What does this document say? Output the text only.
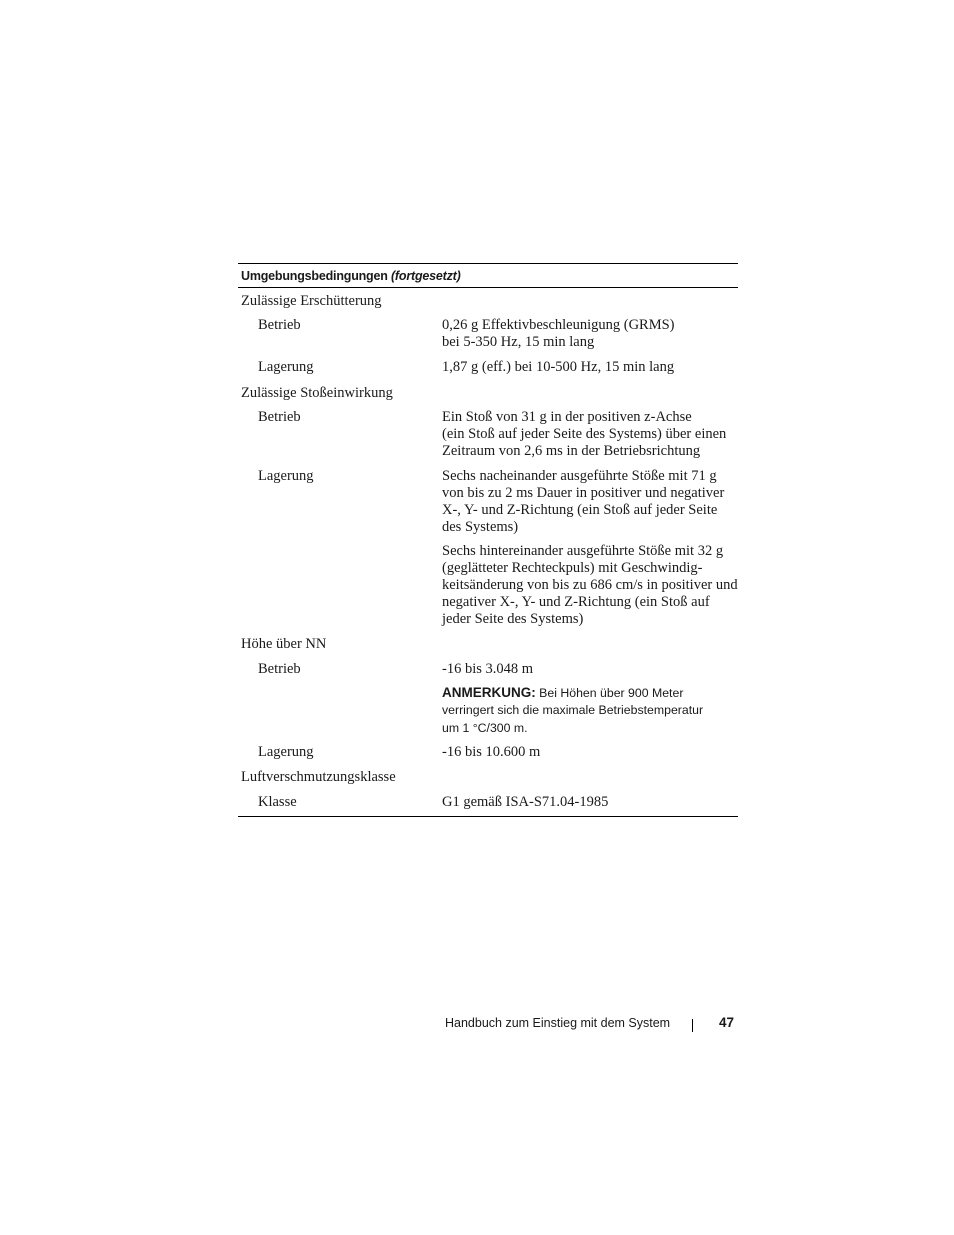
Umgebungsbedingungen (fortgesetzt)
Zulässige Erschütterung
Betrieb	0,26 g Effektivbeschleunigung (GRMS)
bei 5-350 Hz, 15 min lang
Lagerung	1,87 g (eff.) bei 10-500 Hz, 15 min lang
Zulässige Stoßeinwirkung
Betrieb	Ein Stoß von 31 g in der positiven z-Achse
(ein Stoß auf jeder Seite des Systems) über einen
Zeitraum von 2,6 ms in der Betriebsrichtung
Lagerung	Sechs nacheinander ausgeführte Stöße mit 71 g
von bis zu 2 ms Dauer in positiver und negativer
X-, Y- und Z-Richtung (ein Stoß auf jeder Seite
des Systems)
Sechs hintereinander ausgeführte Stöße mit 32 g
(geglätteter Rechteckpuls) mit Geschwindig-
keitsänderung von bis zu 686 cm/s in positiver und
negativer X-, Y- und Z-Richtung (ein Stoß auf
jeder Seite des Systems)
Höhe über NN
Betrieb	-16 bis 3.048 m
ANMERKUNG: Bei Höhen über 900 Meter
verringert sich die maximale Betriebstemperatur
um 1 °C/300 m.
Lagerung	-16 bis 10.600 m
Luftverschmutzungsklasse
Klasse	G1 gemäß ISA-S71.04-1985
Handbuch zum Einstieg mit dem System	47
